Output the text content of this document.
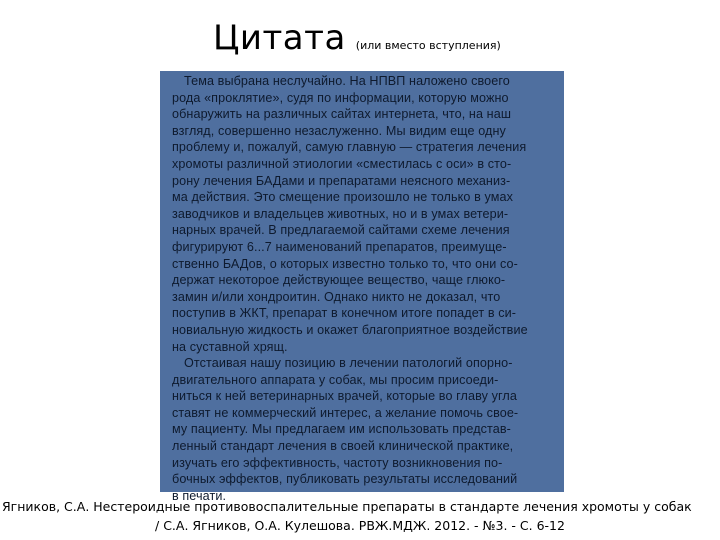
Цитата (или вместо вступления)
Тема выбрана неслучайно. На НПВП наложено своего
рода «проклятие», судя по информации, которую можно
обнаружить на различных сайтах интернета, что, на наш
взгляд, совершенно незаслуженно. Мы видим еще одну
проблему и, пожалуй, самую главную — стратегия лечения
хромоты различной этиологии «сместилась с оси» в сто-
рону лечения БАДами и препаратами неясного механиз-
ма действия. Это смещение произошло не только в умах
заводчиков и владельцев животных, но и в умах ветери-
нарных врачей. В предлагаемой сайтами схеме лечения
фигурируют 6...7 наименований препаратов, преимуще-
ственно БАДов, о которых известно только то, что они со-
держат некоторое действующее вещество, чаще глюко-
замин и/или хондроитин. Однако никто не доказал, что
поступив в ЖКТ, препарат в конечном итоге попадет в си-
новиальную жидкость и окажет благоприятное воздействие
на суставной хрящ.
Отстаивая нашу позицию в лечении патологий опорно-
двигательного аппарата у собак, мы просим присоеди-
ниться к ней ветеринарных врачей, которые во главу угла
ставят не коммерческий интерес, а желание помочь свое-
му пациенту. Мы предлагаем им использовать представ-
ленный стандарт лечения в своей клинической практике,
изучать его эффективность, частоту возникновения по-
бочных эффектов, публиковать результаты исследований
в печати.
Ягников, С.А. Нестероидные противовоспалительные препараты в стандарте лечения хромоты у собак
/ С.А. Ягников, О.А. Кулешова. РВЖ.МДЖ. 2012. - №3. - С. 6-12
